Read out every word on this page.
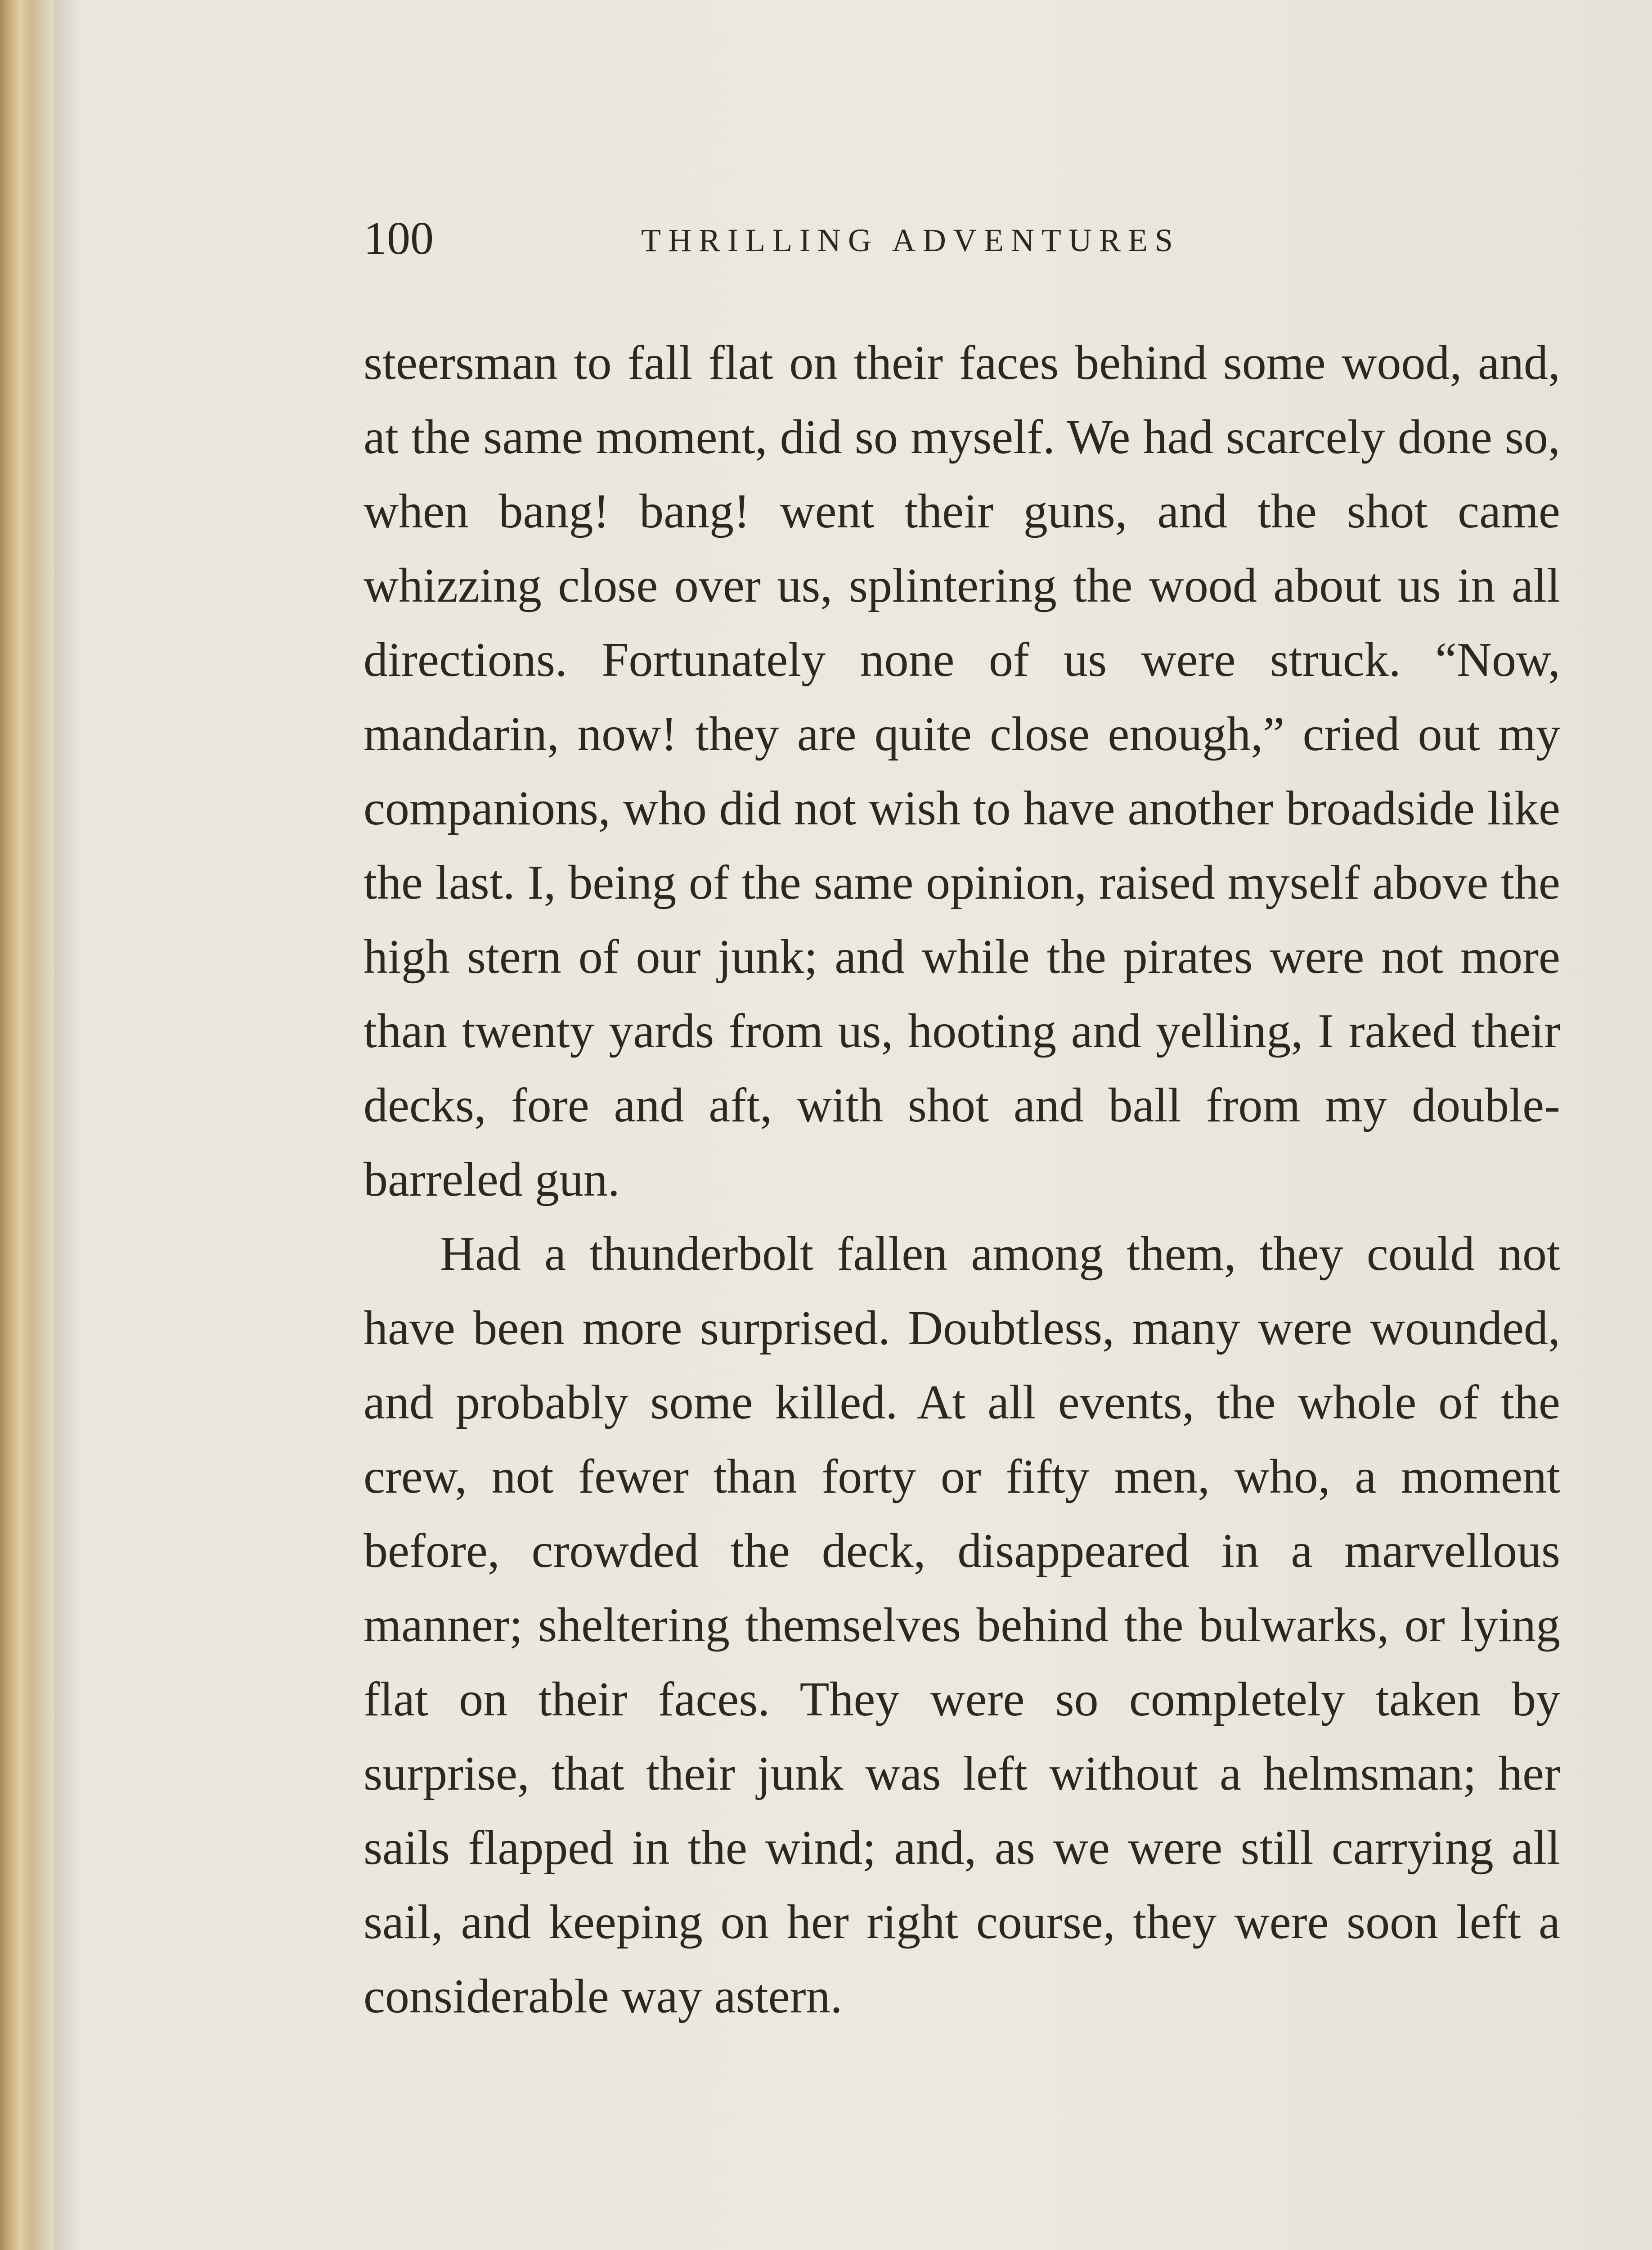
100	THRILLING ADVENTURES

steersman to fall flat on their faces behind some wood, and, at the same moment, did so myself. We had scarcely done so, when bang! bang! went their guns, and the shot came whizzing close over us, splintering the wood about us in all directions. Fortunately none of us were struck. “Now, mandarin, now! they are quite close enough,” cried out my companions, who did not wish to have another broadside like the last. I, being of the same opinion, raised myself above the high stern of our junk; and while the pirates were not more than twenty yards from us, hooting and yelling, I raked their decks, fore and aft, with shot and ball from my double-barreled gun.

Had a thunderbolt fallen among them, they could not have been more surprised. Doubtless, many were wounded, and probably some killed. At all events, the whole of the crew, not fewer than forty or fifty men, who, a moment before, crowded the deck, disappeared in a marvellous manner; sheltering themselves behind the bulwarks, or lying flat on their faces. They were so completely taken by surprise, that their junk was left without a helmsman; her sails flapped in the wind; and, as we were still carrying all sail, and keeping on her right course, they were soon left a considerable way astern.
